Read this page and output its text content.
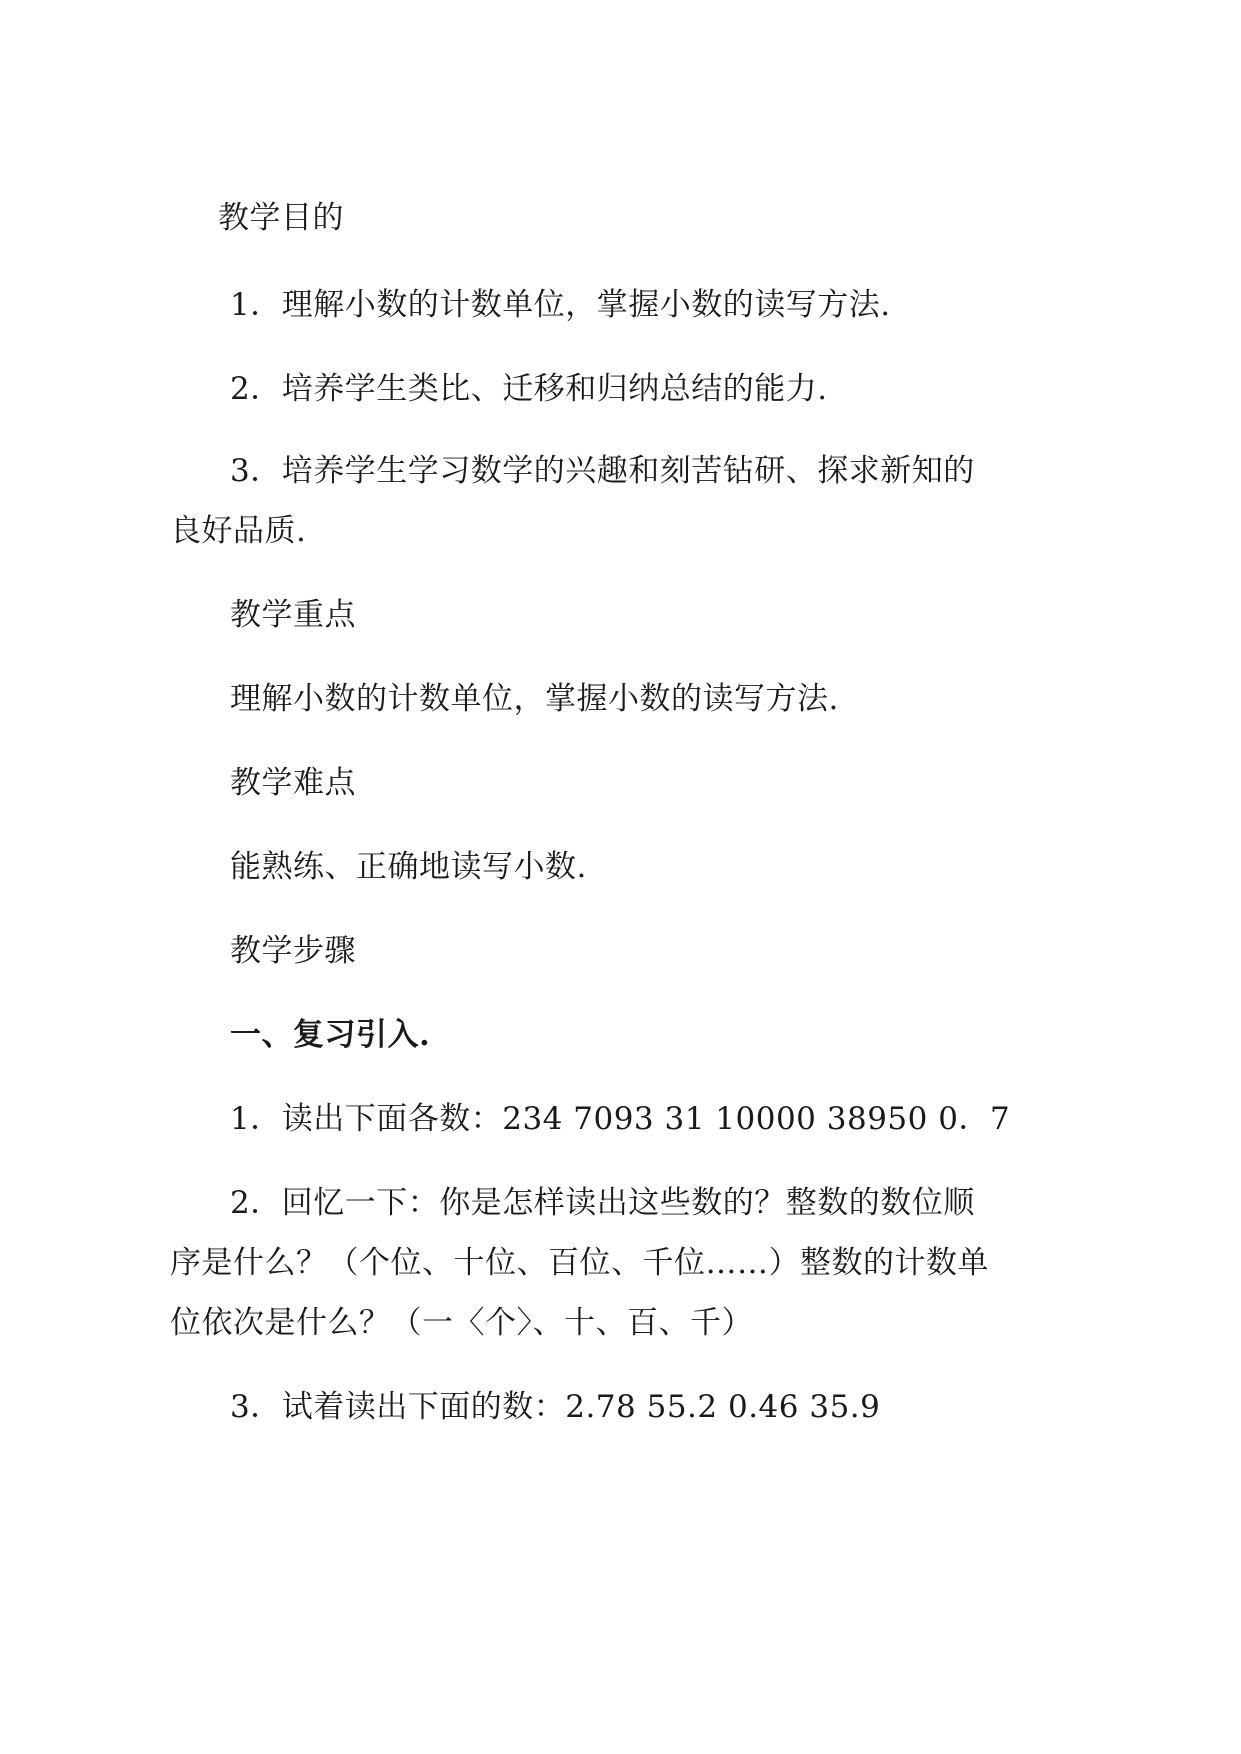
教学目的
1．理解小数的计数单位，掌握小数的读写方法.
2．培养学生类比、迁移和归纳总结的能力.
3．培养学生学习数学的兴趣和刻苦钻研、探求新知的
良好品质.
教学重点
理解小数的计数单位，掌握小数的读写方法.
教学难点
能熟练、正确地读写小数.
教学步骤
一、复习引入.
1．读出下面各数：234 7093 31 10000 38950 0．7
2．回忆一下：你是怎样读出这些数的？整数的数位顺
序是什么？（个位、十位、百位、千位……）整数的计数单
位依次是什么？（一〈个〉、十、百、千）
3．试着读出下面的数：2.78 55.2 0.46 35.9
